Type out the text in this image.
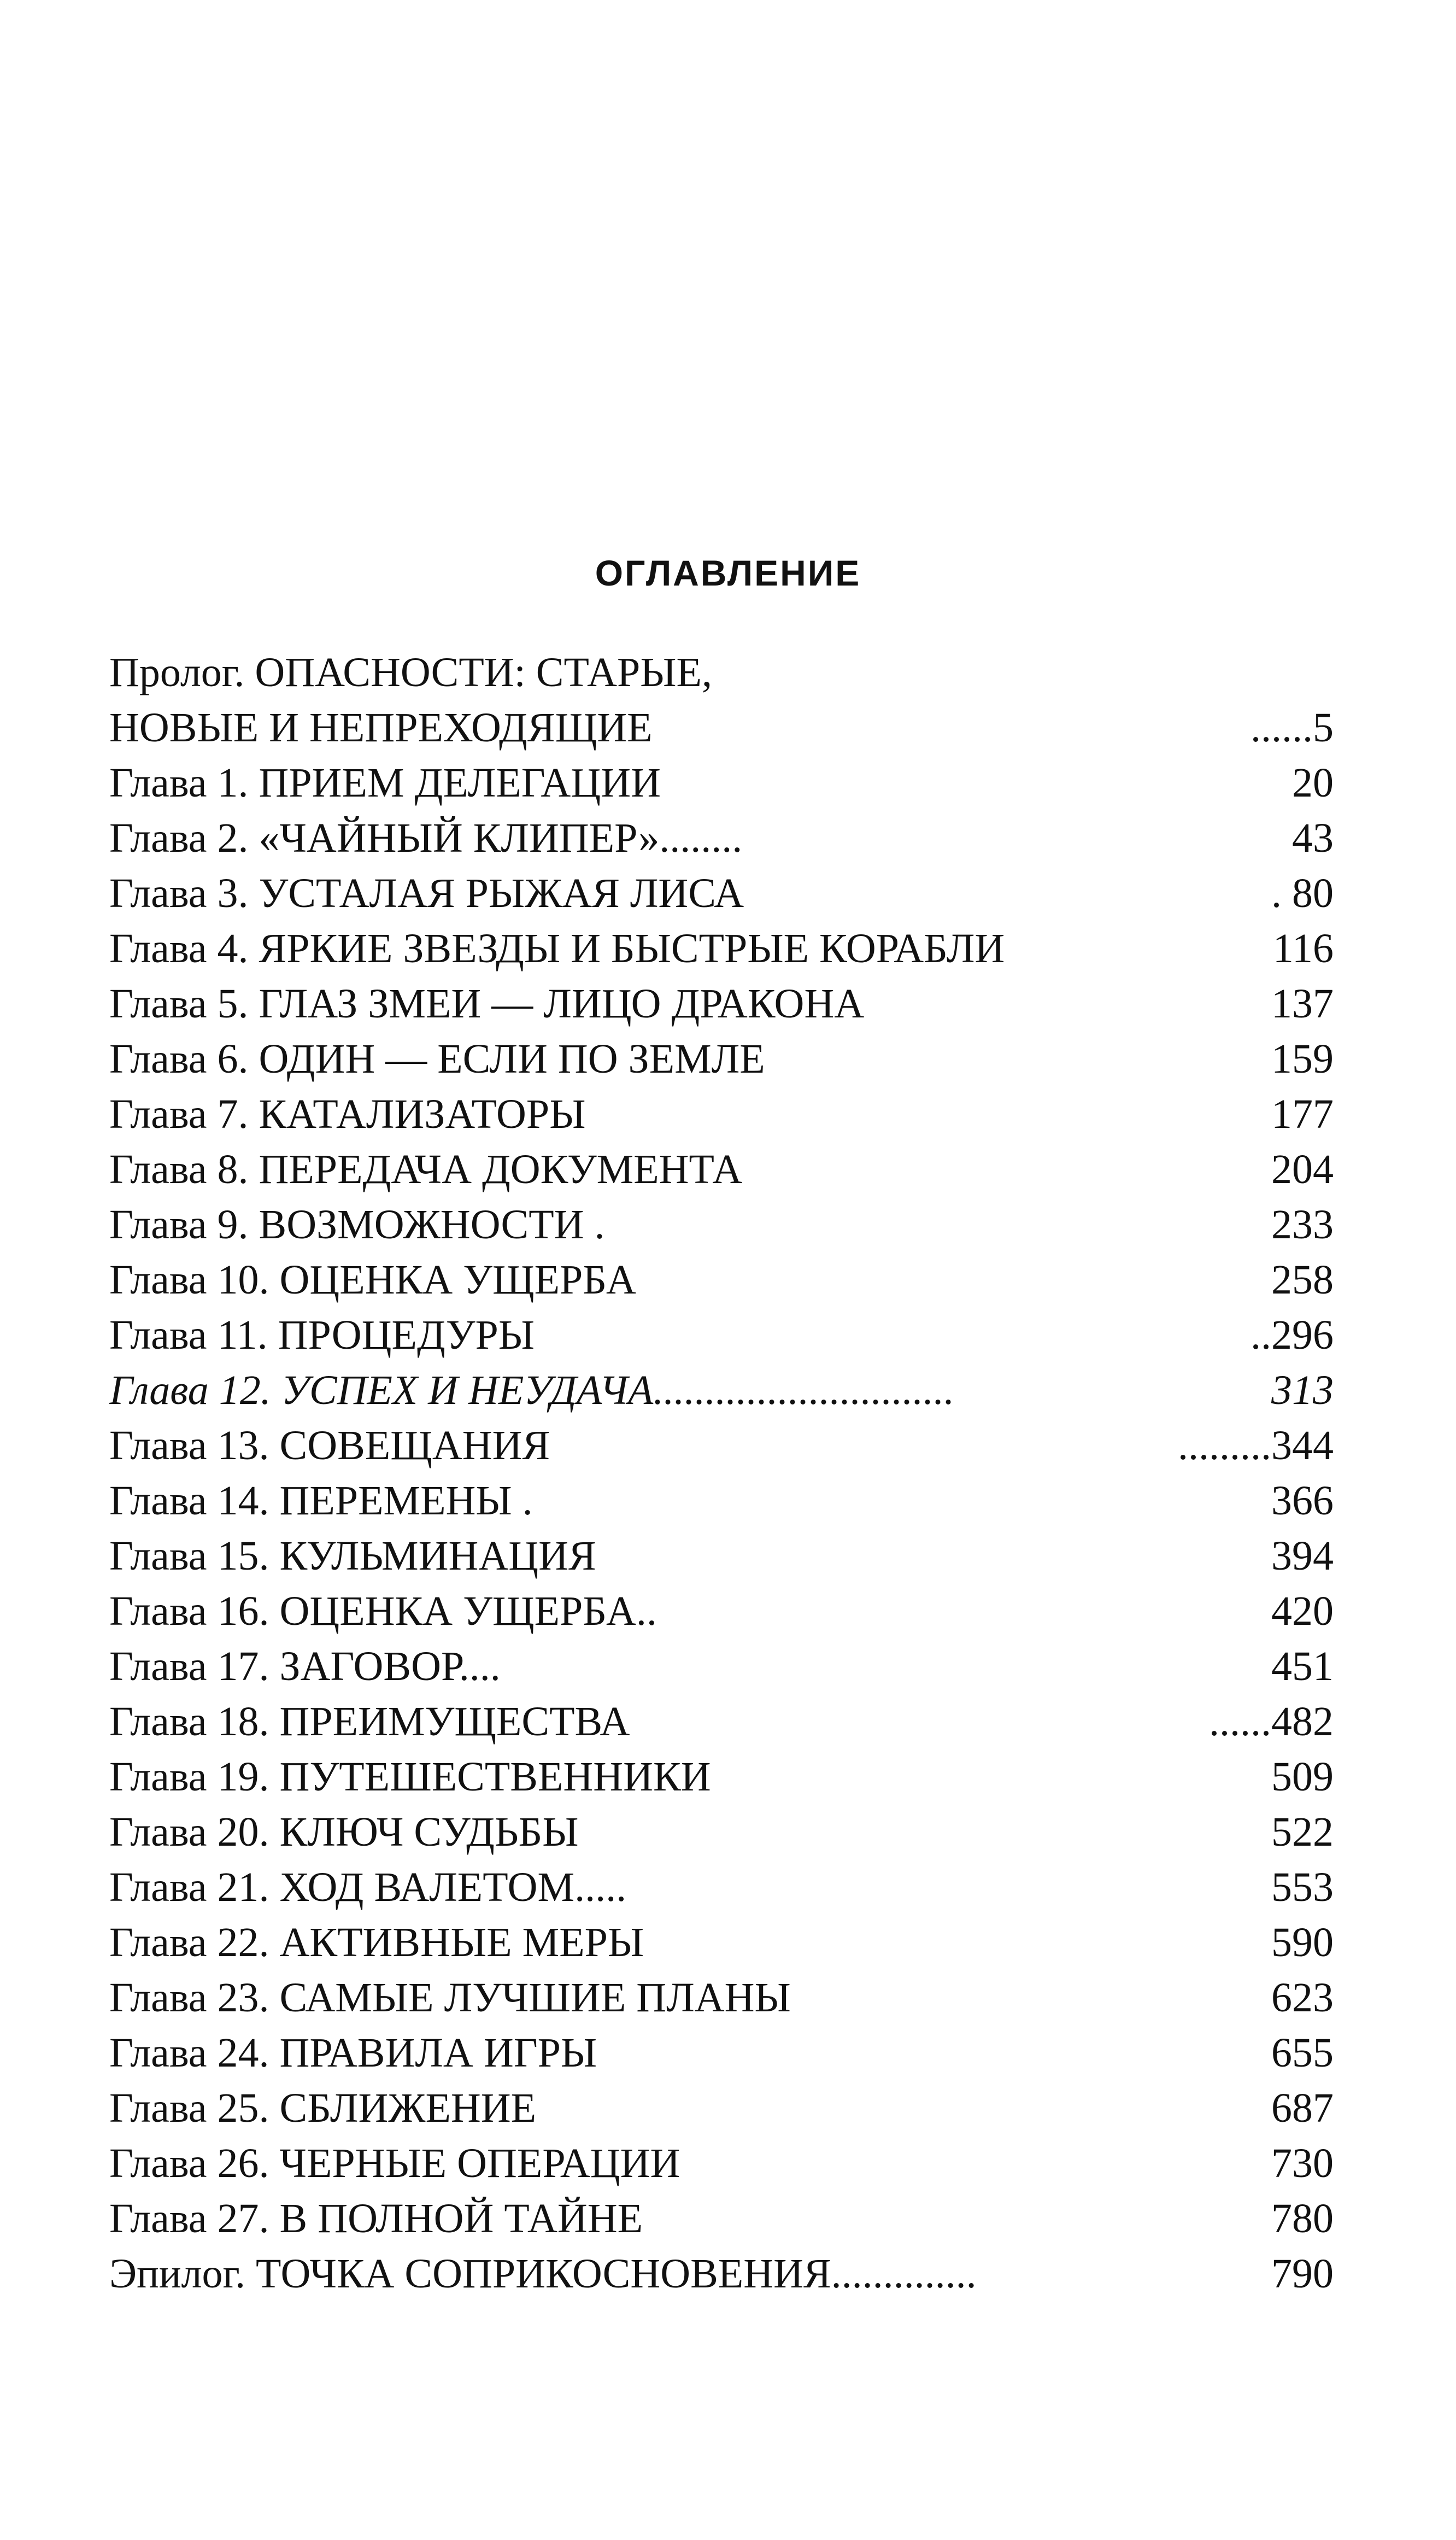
ОГЛАВЛЕНИЕ
Пролог. ОПАСНОСТИ: СТАРЫЕ,
НОВЫЕ И НЕПРЕХОДЯЩИЕ	......5
Глава 1. ПРИЕМ ДЕЛЕГАЦИИ	20
Глава 2. «ЧАЙНЫЙ КЛИПЕР»........	43
Глава 3. УСТАЛАЯ РЫЖАЯ ЛИСА	. 80
Глава 4. ЯРКИЕ ЗВЕЗДЫ И БЫСТРЫЕ КОРАБЛИ	116
Глава 5. ГЛАЗ ЗМЕИ — ЛИЦО ДРАКОНА	137
Глава 6. ОДИН — ЕСЛИ ПО ЗЕМЛЕ	159
Глава 7. КАТАЛИЗАТОРЫ	177
Глава 8. ПЕРЕДАЧА ДОКУМЕНТА	204
Глава 9. ВОЗМОЖНОСТИ .	233
Глава 10. ОЦЕНКА УЩЕРБА	258
Глава 11. ПРОЦЕДУРЫ	..296
Глава 12. УСПЕХ И НЕУДАЧА.............................	313
Глава 13. СОВЕЩАНИЯ	.........344
Глава 14. ПЕРЕМЕНЫ .	366
Глава 15. КУЛЬМИНАЦИЯ	394
Глава 16. ОЦЕНКА УЩЕРБА..	420
Глава 17. ЗАГОВОР....	451
Глава 18. ПРЕИМУЩЕСТВА	......482
Глава 19. ПУТЕШЕСТВЕННИКИ	509
Глава 20. КЛЮЧ СУДЬБЫ	522
Глава 21. ХОД ВАЛЕТОМ.....	553
Глава 22. АКТИВНЫЕ МЕРЫ	590
Глава 23. САМЫЕ ЛУЧШИЕ ПЛАНЫ	623
Глава 24. ПРАВИЛА ИГРЫ	655
Глава 25. СБЛИЖЕНИЕ	687
Глава 26. ЧЕРНЫЕ ОПЕРАЦИИ	730
Глава 27. В ПОЛНОЙ ТАЙНЕ	780
Эпилог. ТОЧКА СОПРИКОСНОВЕНИЯ..............	790
